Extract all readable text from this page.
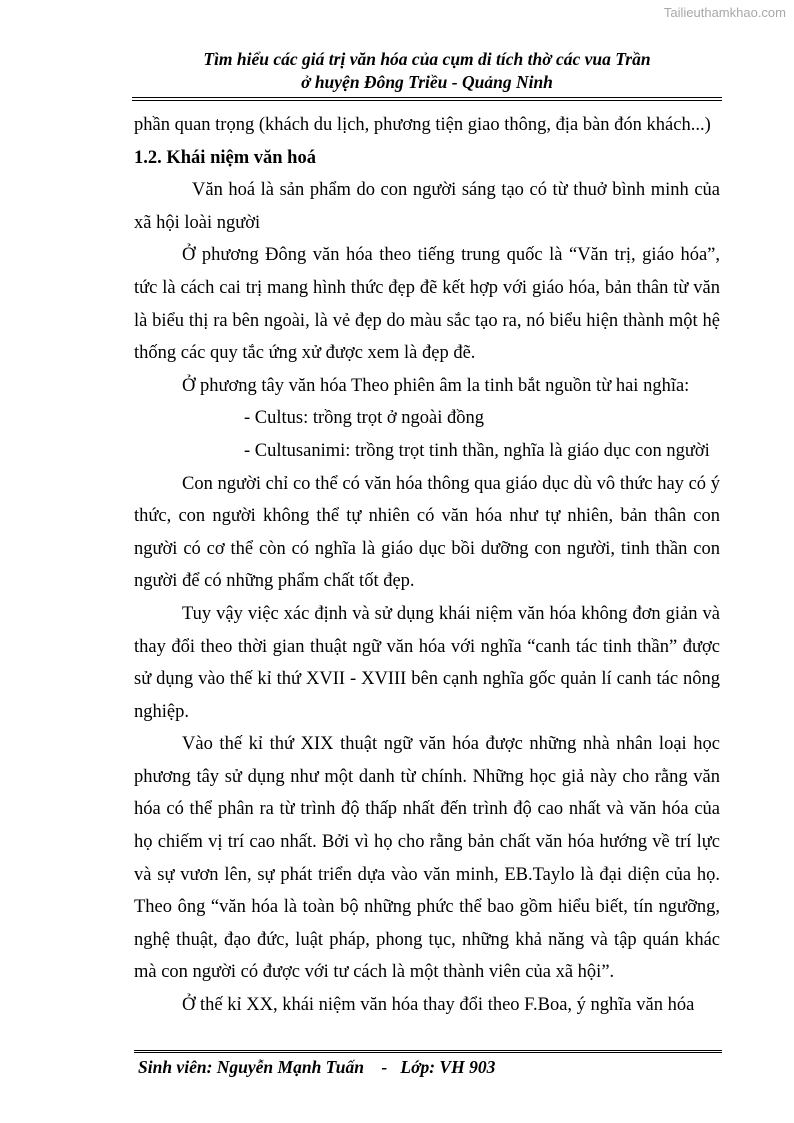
Tailieuthamkhao.com
Tìm hiểu các giá trị văn hóa của cụm di tích thờ các vua Trần
ở huyện Đông Triều - Quảng Ninh

phần quan trọng (khách du lịch, phương tiện giao thông, địa bàn đón khách...)

1.2. Khái niệm văn hoá

Văn hoá là sản phẩm do con người sáng tạo có từ thuở bình minh của xã hội loài người

Ở phương Đông văn hóa theo tiếng trung quốc là “Văn trị, giáo hóa”, tức là cách cai trị mang hình thức đẹp đẽ kết hợp với giáo hóa, bản thân từ văn là biểu thị ra bên ngoài, là vẻ đẹp do màu sắc tạo ra, nó biểu hiện thành một hệ thống các quy tắc ứng xử được xem là đẹp đẽ.

Ở phương tây văn hóa Theo phiên âm la tinh bắt nguồn từ hai nghĩa:

- Cultus: trồng trọt ở ngoài đồng

- Cultusanimi: trồng trọt tinh thần, nghĩa là giáo dục con người

Con người chỉ co thể có văn hóa thông qua giáo dục dù vô thức hay có ý thức, con người không thể tự nhiên có văn hóa như tự nhiên, bản thân con người có cơ thể còn có nghĩa là giáo dục bồi dưỡng con người, tinh thần con người để có những phẩm chất tốt đẹp.

Tuy vậy việc xác định và sử dụng khái niệm văn hóa không đơn giản và thay đổi theo thời gian thuật ngữ văn hóa với nghĩa “canh tác tinh thần” được sử dụng vào thế kỉ thứ XVII - XVIII bên cạnh nghĩa gốc quản lí canh tác nông nghiệp.

Vào thế kỉ thứ XIX thuật ngữ văn hóa được những nhà nhân loại học phương tây sử dụng như một danh từ chính. Những học giả này cho rằng văn hóa có thể phân ra từ trình độ thấp nhất đến trình độ cao nhất và văn hóa của họ chiếm vị trí cao nhất. Bởi vì họ cho rằng bản chất văn hóa hướng về trí lực và sự vươn lên, sự phát triển dựa vào văn minh, EB.Taylo là đại diện của họ. Theo ông “văn hóa là toàn bộ những phức thể bao gồm hiểu biết, tín ngưỡng, nghệ thuật, đạo đức, luật pháp, phong tục, những khả năng và tập quán khác mà con người có được với tư cách là một thành viên của xã hội”.

Ở thế kỉ XX, khái niệm văn hóa thay đổi theo F.Boa, ý nghĩa văn hóa

Sinh viên: Nguyễn Mạnh Tuấn    -   Lớp: VH 903
